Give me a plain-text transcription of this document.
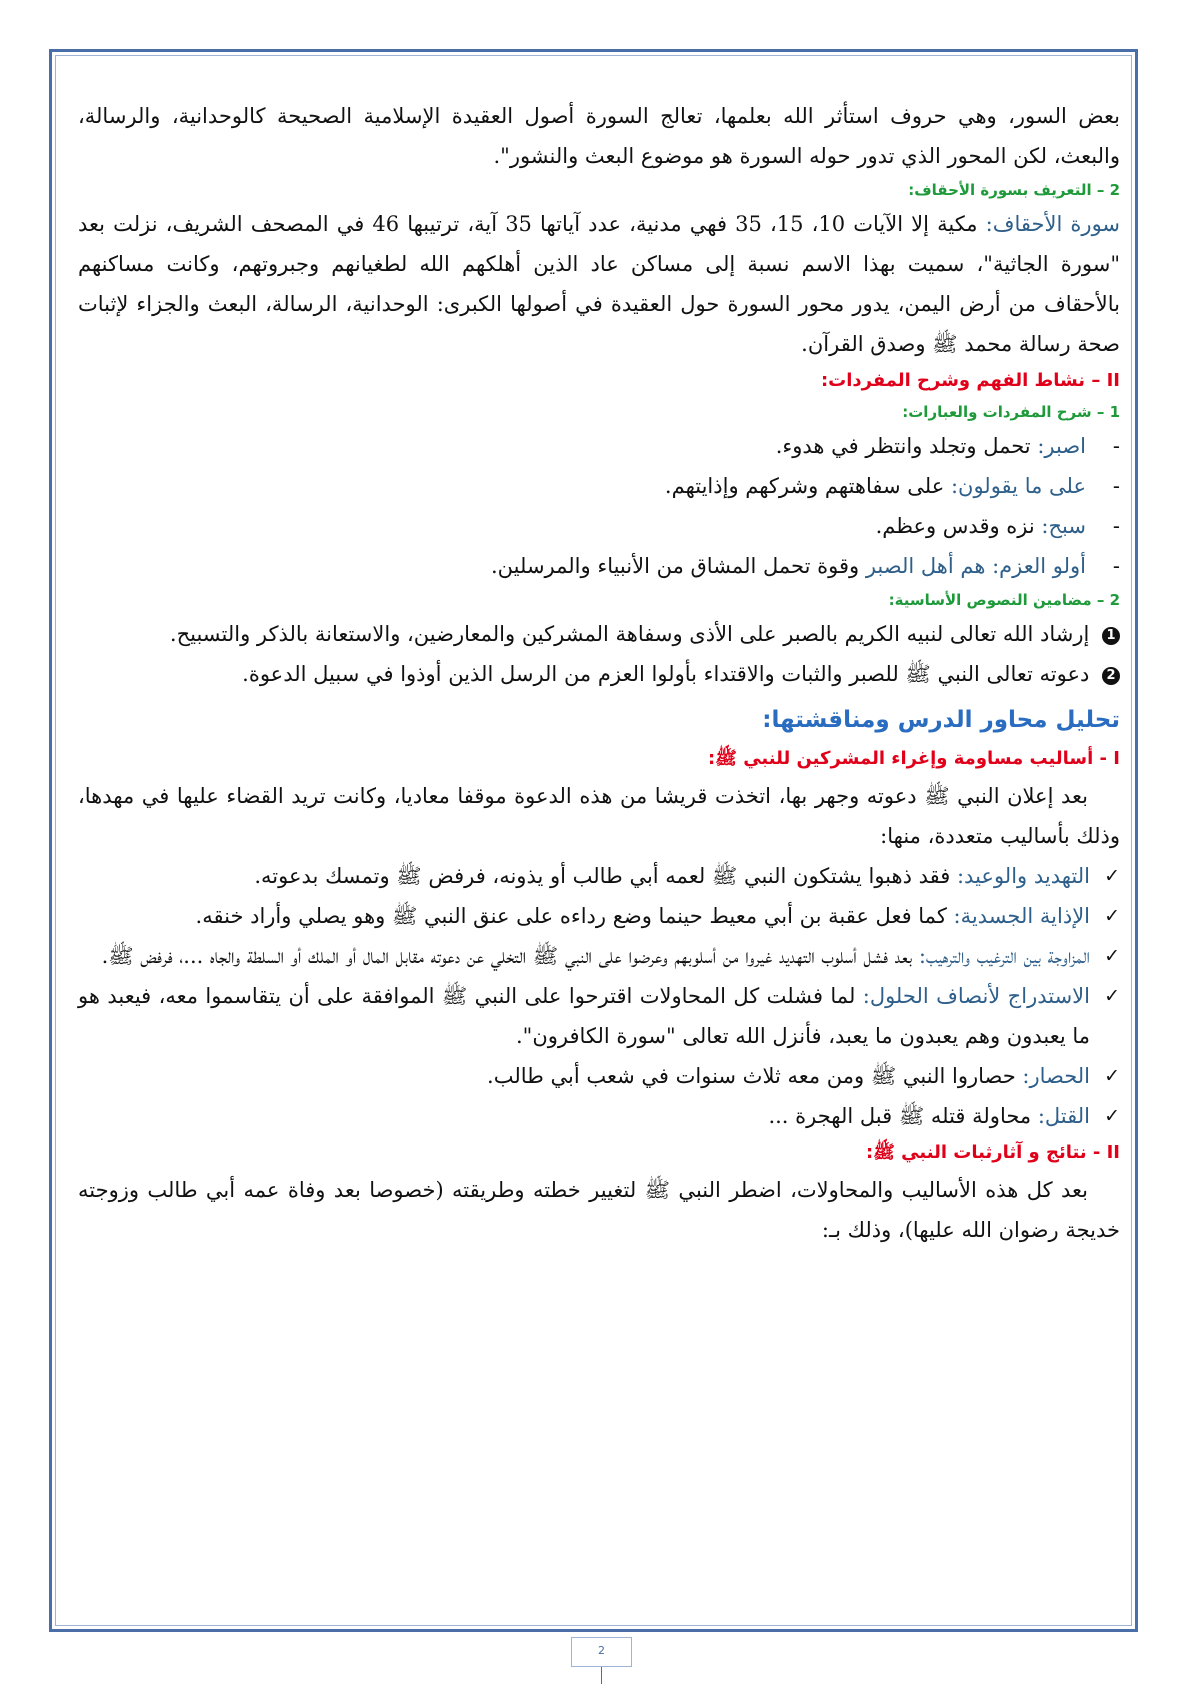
بعض السور، وهي حروف استأثر الله بعلمها، تعالج السورة أصول العقيدة الإسلامية الصحيحة كالوحدانية، والرسالة، والبعث، لكن المحور الذي تدور حوله السورة هو موضوع البعث والنشور".

2 – التعريف بسورة الأحقاف:

سورة الأحقاف: مكية إلا الآيات 10، 15، 35 فهي مدنية، عدد آياتها 35 آية، ترتيبها 46 في المصحف الشريف، نزلت بعد "سورة الجاثية"، سميت بهذا الاسم نسبة إلى مساكن عاد الذين أهلكهم الله لطغيانهم وجبروتهم، وكانت مساكنهم بالأحقاف من أرض اليمن، يدور محور السورة حول العقيدة في أصولها الكبرى: الوحدانية، الرسالة، البعث والجزاء لإثبات صحة رسالة محمد ﷺ وصدق القرآن.

II – نشاط الفهم وشرح المفردات:

1 – شرح المفردات والعبارات:

-
اصبر: تحمل وتجلد وانتظر في هدوء.
-
على ما يقولون: على سفاهتهم وشركهم وإذايتهم.
-
سبح: نزه وقدس وعظم.
-
أولو العزم: هم أهل الصبر وقوة تحمل المشاق من الأنبياء والمرسلين.

2 – مضامين النصوص الأساسية:

1 إرشاد الله تعالى لنبيه الكريم بالصبر على الأذى وسفاهة المشركين والمعارضين، والاستعانة بالذكر والتسبيح.

2 دعوته تعالى النبي ﷺ للصبر والثبات والاقتداء بأولوا العزم من الرسل الذين أوذوا في سبيل الدعوة.

تحليل محاور الدرس ومناقشتها:

I - أساليب مساومة وإغراء المشركين للنبي ﷺ:

بعد إعلان النبي ﷺ دعوته وجهر بها، اتخذت قريشا من هذه الدعوة موقفا معاديا، وكانت تريد القضاء عليها في مهدها، وذلك بأساليب متعددة، منها:

✓
التهديد والوعيد: فقد ذهبوا يشتكون النبي ﷺ لعمه أبي طالب أو يذونه، فرفض ﷺ وتمسك بدعوته.
✓
الإذاية الجسدية: كما فعل عقبة بن أبي معيط حينما وضع رداءه على عنق النبي ﷺ وهو يصلي وأراد خنقه.
✓
المزاوجة بين الترغيب والترهيب: بعد فشل أسلوب التهديد غيروا من أسلوبهم وعرضوا على النبي ﷺ التخلي عن دعوته مقابل المال أو الملك أو السلطة والجاه ...، فرفض ﷺ.
✓
الاستدراج لأنصاف الحلول: لما فشلت كل المحاولات اقترحوا على النبي ﷺ الموافقة على أن يتقاسموا معه، فيعبد هو ما يعبدون وهم يعبدون ما يعبد، فأنزل الله تعالى "سورة الكافرون".
✓
الحصار: حصاروا النبي ﷺ ومن معه ثلاث سنوات في شعب أبي طالب.
✓
القتل: محاولة قتله ﷺ قبل الهجرة ...

II - نتائج و آثارثبات النبي ﷺ:

بعد كل هذه الأساليب والمحاولات، اضطر النبي ﷺ لتغيير خطته وطريقته (خصوصا بعد وفاة عمه أبي طالب وزوجته خديجة رضوان الله عليها)، وذلك بـ:

2
